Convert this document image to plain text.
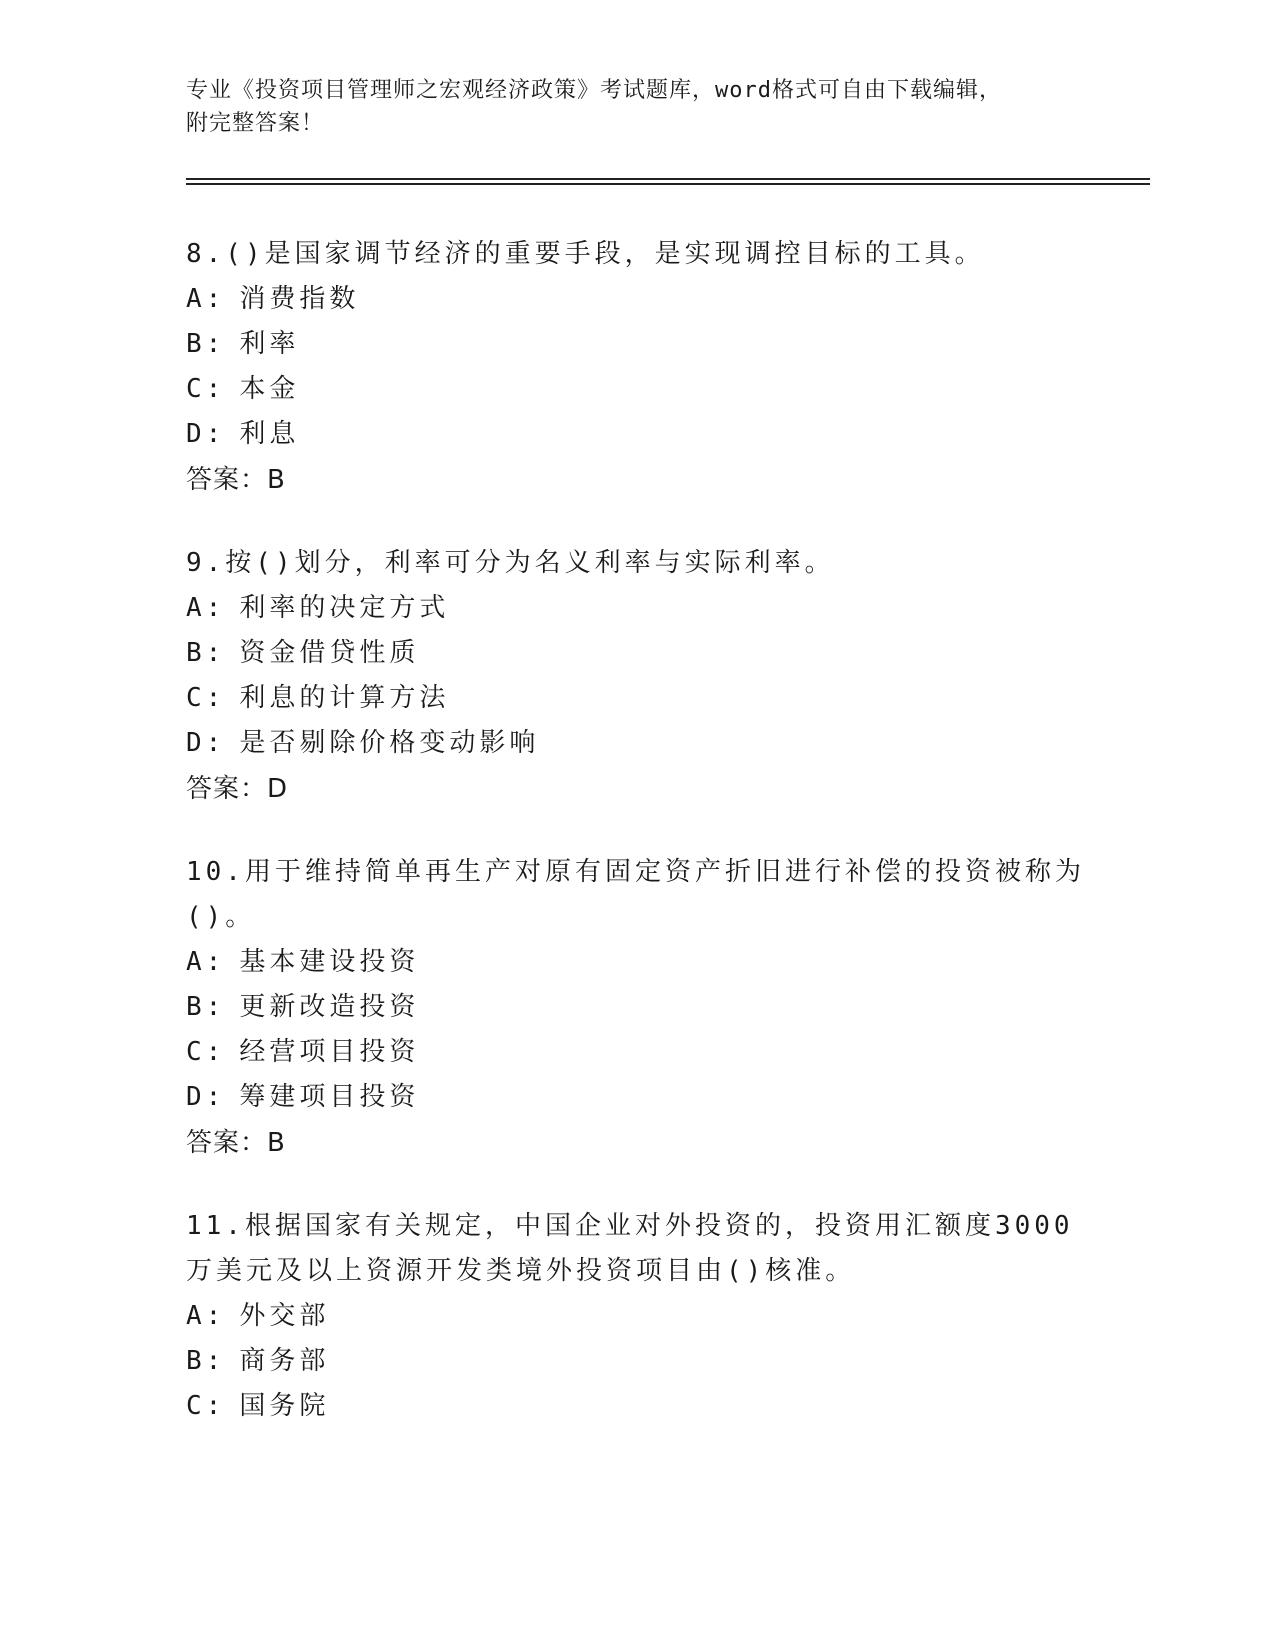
专业《投资项目管理师之宏观经济政策》考试题库，word格式可自由下载编辑，
附完整答案！
8.()是国家调节经济的重要手段，是实现调控目标的工具。
A: 消费指数
B: 利率
C: 本金
D: 利息
答案：B
9.按()划分，利率可分为名义利率与实际利率。
A: 利率的决定方式
B: 资金借贷性质
C: 利息的计算方法
D: 是否剔除价格变动影响
答案：D
10.用于维持简单再生产对原有固定资产折旧进行补偿的投资被称为()。
A: 基本建设投资
B: 更新改造投资
C: 经营项目投资
D: 筹建项目投资
答案：B
11.根据国家有关规定，中国企业对外投资的，投资用汇额度3000万美元及以上资源开发类境外投资项目由()核准。
A: 外交部
B: 商务部
C: 国务院
